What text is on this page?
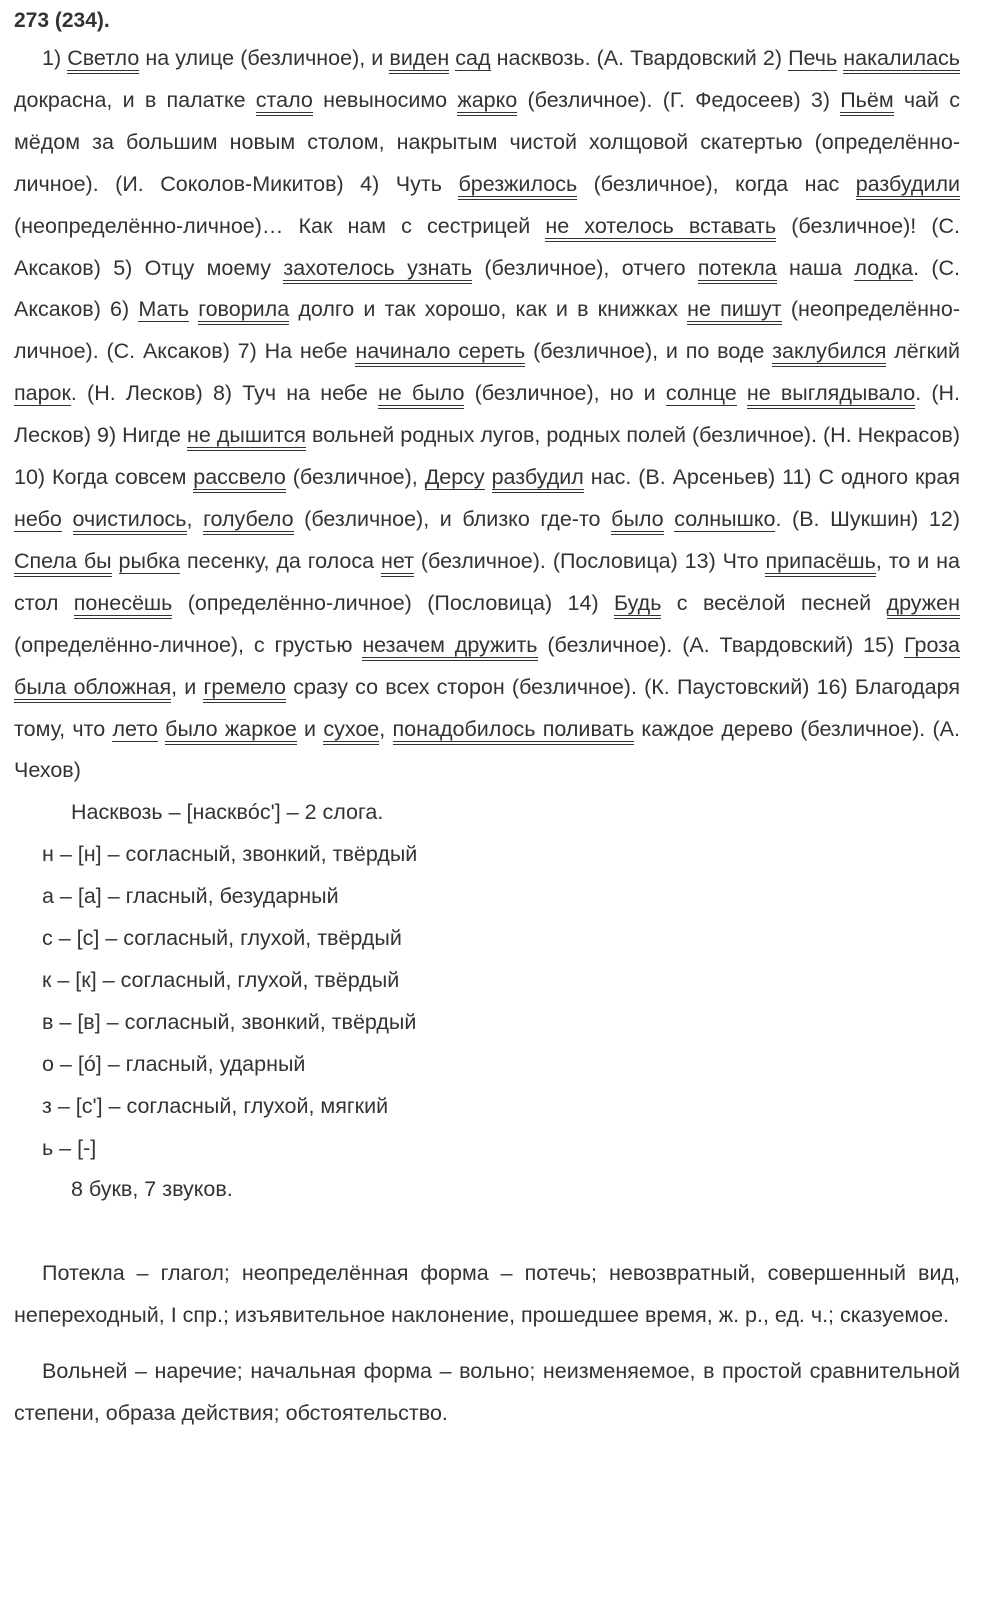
273 (234).

1) Светло на улице (безличное), и виден сад насквозь. (А. Твардовский 2) Печь накалилась докрасна, и в палатке стало невыносимо жарко (безличное). (Г. Федосеев) 3) Пьём чай с мёдом за большим новым столом, накрытым чистой холщовой скатертью (определённо-личное). (И. Соколов-Микитов) 4) Чуть брезжилось (безличное), когда нас разбудили (неопределённо-личное)… Как нам с сестрицей не хотелось вставать (безличное)! (С. Аксаков) 5) Отцу моему захотелось узнать (безличное), отчего потекла наша лодка. (С. Аксаков) 6) Мать говорила долго и так хорошо, как и в книжках не пишут (неопределённо-личное). (С. Аксаков) 7) На небе начинало сереть (безличное), и по воде заклубился лёгкий парок. (Н. Лесков) 8) Туч на небе не было (безличное), но и солнце не выглядывало. (Н. Лесков) 9) Нигде не дышится вольней родных лугов, родных полей (безличное). (Н. Некрасов) 10) Когда совсем рассвело (безличное), Дерсу разбудил нас. (В. Арсеньев) 11) С одного края небо очистилось, голубело (безличное), и близко где-то было солнышко. (В. Шукшин) 12) Спела бы рыбка песенку, да голоса нет (безличное). (Пословица) 13) Что припасёшь, то и на стол понесёшь (определённо-личное) (Пословица) 14) Будь с весёлой песней дружен (определённо-личное), с грустью незачем дружить (безличное). (А. Твардовский) 15) Гроза была обложная, и гремело сразу со всех сторон (безличное). (К. Паустовский) 16) Благодаря тому, что лето было жаркое и сухое, понадобилось поливать каждое дерево (безличное). (А. Чехов)

Насквозь – [насквóс'] – 2 слога.
н – [н] – согласный, звонкий, твёрдый
а – [а] – гласный, безударный
с – [с] – согласный, глухой, твёрдый
к – [к] – согласный, глухой, твёрдый
в – [в] – согласный, звонкий, твёрдый
о – [ó] – гласный, ударный
з – [с'] – согласный, глухой, мягкий
ь – [-]
8 букв, 7 звуков.

Потекла – глагол; неопределённая форма – потечь; невозвратный, совершенный вид, непереходный, I спр.; изъявительное наклонение, прошедшее время, ж. р., ед. ч.; сказуемое.

Вольней – наречие; начальная форма – вольно; неизменяемое, в простой сравнительной степени, образа действия; обстоятельство.
